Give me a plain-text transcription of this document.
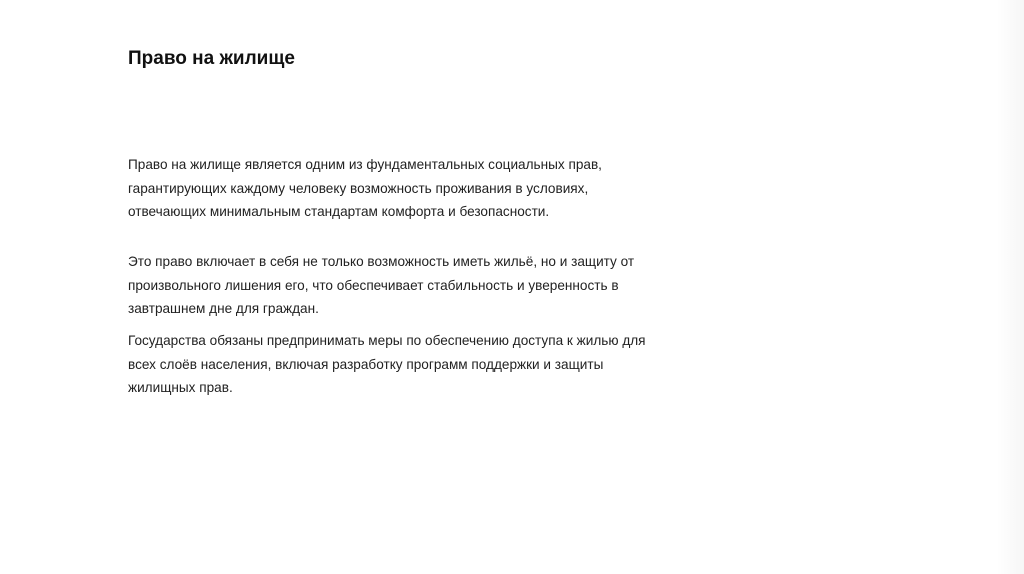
Право на жилище

Право на жилище является одним из фундаментальных социальных прав,
гарантирующих каждому человеку возможность проживания в условиях,
отвечающих минимальным стандартам комфорта и безопасности.

Это право включает в себя не только возможность иметь жильё, но и защиту от
произвольного лишения его, что обеспечивает стабильность и уверенность в
завтрашнем дне для граждан.

Государства обязаны предпринимать меры по обеспечению доступа к жилью для
всех слоёв населения, включая разработку программ поддержки и защиты
жилищных прав.
